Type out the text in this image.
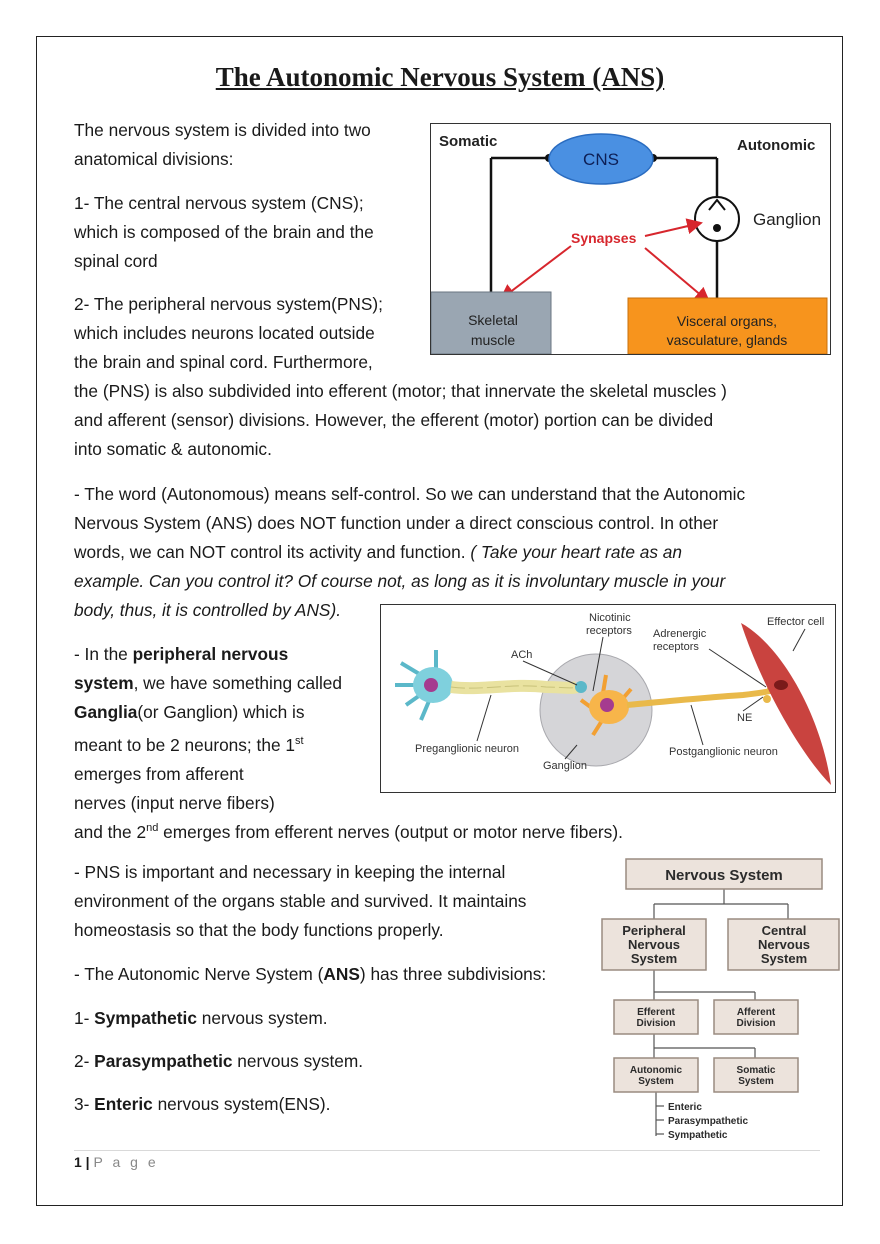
The Autonomic Nervous System (ANS)

The nervous system is divided into two

anatomical divisions:

1- The central nervous system (CNS);

which is composed of the brain and the

spinal cord

2- The peripheral nervous system(PNS);

which includes neurons located outside

the brain and spinal cord. Furthermore,

the (PNS) is also subdivided into efferent (motor; that innervate the skeletal muscles )

and afferent (sensor) divisions. However, the efferent (motor) portion can be divided

into somatic & autonomic.

Somatic	Autonomic
CNS
Ganglion
Synapses
Skeletal
muscle
Visceral organs,
vasculature, glands

- The word (Autonomous) means self-control. So we can understand that the Autonomic

Nervous System (ANS) does NOT function under a direct conscious control. In other

words, we can NOT control its activity and function. ( Take your heart rate as an

example. Can you control it? Of course not, as long as it is involuntary muscle in your

body, thus, it is controlled by ANS).	Nicotinic
receptors Adrenergic
receptors
Effector cell
ACh
NE
Preganglionic neuron	Postganglionic neuron
Ganglion

- In the peripheral nervous

system, we have something called

Ganglia(or Ganglion) which is

meant to be 2 neurons; the 1st

emerges from afferent

nerves (input nerve fibers)

and the 2nd emerges from efferent nerves (output or motor nerve fibers).

- PNS is important and necessary in keeping the internal

environment of the organs stable and survived. It maintains

homeostasis so that the body functions properly.

- The Autonomic Nerve System (ANS) has three subdivisions:

1- Sympathetic nervous system.
2- Parasympathetic nervous system.
3- Enteric nervous system(ENS).
Nervous System
Peripheral
Nervous
System
Central
Nervous
System
Efferent
Division
Afferent
Division
Autonomic
System
Somatic
System
Enteric
Parasympathetic
Sympathetic
1 | P a g e
